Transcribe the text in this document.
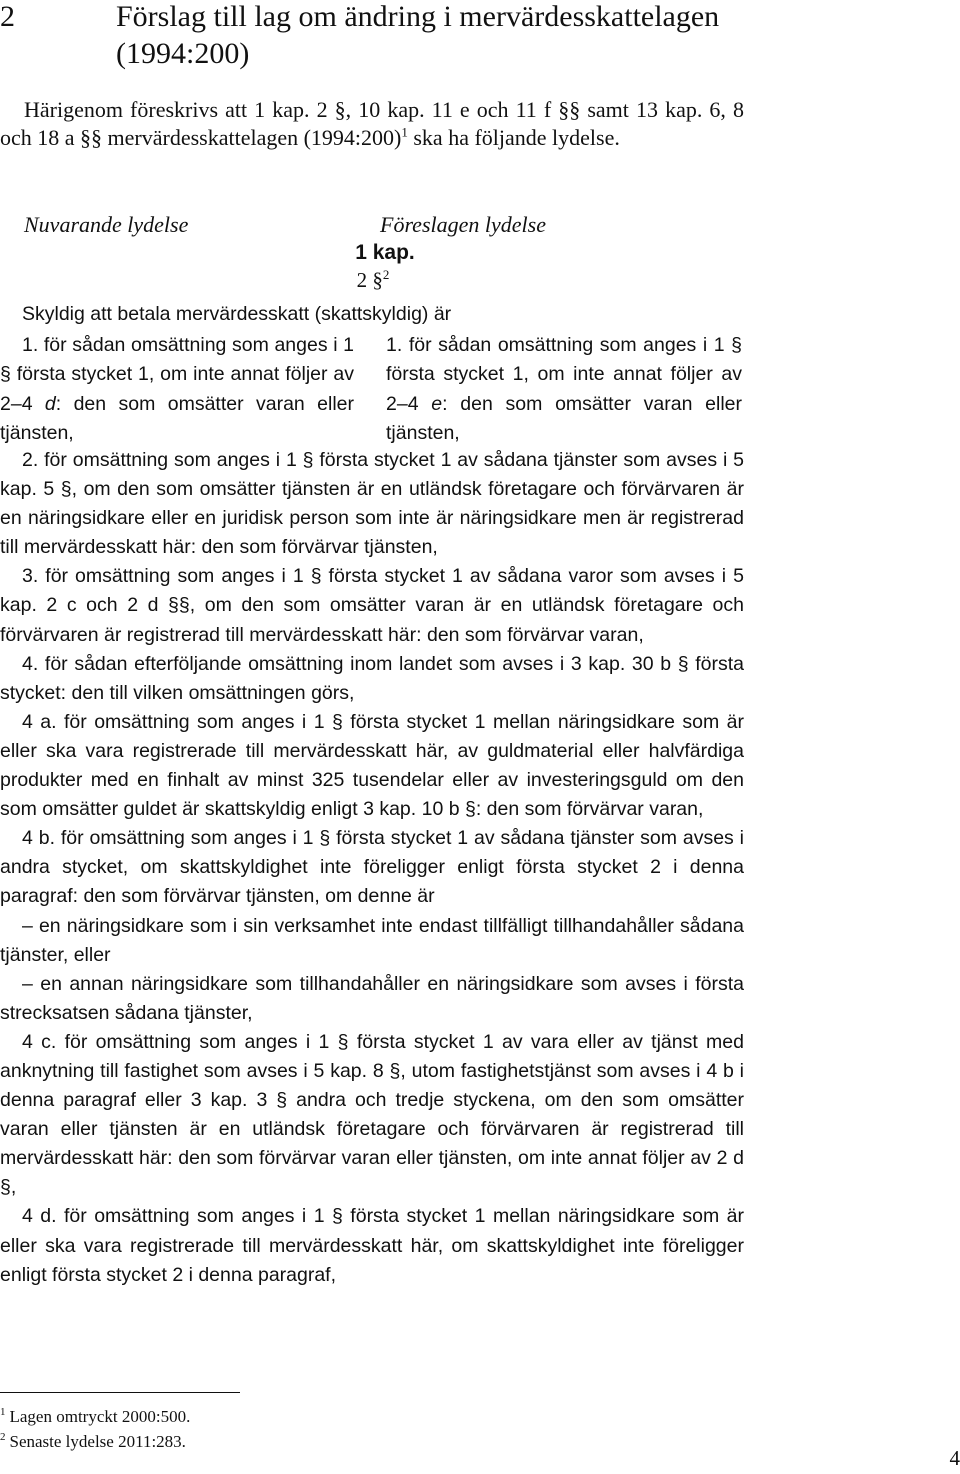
2	Förslag till lag om ändring i mervärdesskattelagen (1994:200)
Härigenom föreskrivs att 1 kap. 2 §, 10 kap. 11 e och 11 f §§ samt 13 kap. 6, 8 och 18 a §§ mervärdesskattelagen (1994:200)$^1$ ska ha följande lydelse.
Nuvarande lydelse	Föreslagen lydelse
1 kap.
2 §$^2$
Skyldig att betala mervärdesskatt (skattskyldig) är

1. för sådan omsättning som anges i 1 § första stycket 1, om inte annat följer av 2–4 d: den som omsätter varan eller tjänsten,

1. för sådan omsättning som anges i 1 § första stycket 1, om inte annat följer av 2–4 e: den som omsätter varan eller tjänsten,

2. för omsättning som anges i 1 § första stycket 1 av sådana tjänster som avses i 5 kap. 5 §, om den som omsätter tjänsten är en utländsk företagare och förvärvaren är en näringsidkare eller en juridisk person som inte är näringsidkare men är registrerad till mervärdesskatt här: den som förvärvar tjänsten,

3. för omsättning som anges i 1 § första stycket 1 av sådana varor som avses i 5 kap. 2 c och 2 d §§, om den som omsätter varan är en utländsk företagare och förvärvaren är registrerad till mervärdesskatt här: den som förvärvar varan,

4. för sådan efterföljande omsättning inom landet som avses i 3 kap. 30 b § första stycket: den till vilken omsättningen görs,

4 a. för omsättning som anges i 1 § första stycket 1 mellan näringsidkare som är eller ska vara registrerade till mervärdesskatt här, av guldmaterial eller halvfärdiga produkter med en finhalt av minst 325 tusendelar eller av investeringsguld om den som omsätter guldet är skattskyldig enligt 3 kap. 10 b §: den som förvärvar varan,

4 b. för omsättning som anges i 1 § första stycket 1 av sådana tjänster som avses i andra stycket, om skattskyldighet inte föreligger enligt första stycket 2 i denna paragraf: den som förvärvar tjänsten, om denne är

– en näringsidkare som i sin verksamhet inte endast tillfälligt tillhandahåller sådana tjänster, eller

– en annan näringsidkare som tillhandahåller en näringsidkare som avses i första strecksatsen sådana tjänster,

4 c. för omsättning som anges i 1 § första stycket 1 av vara eller av tjänst med anknytning till fastighet som avses i 5 kap. 8 §, utom fastighetstjänst som avses i 4 b i denna paragraf eller 3 kap. 3 § andra och tredje styckena, om den som omsätter varan eller tjänsten är en utländsk företagare och förvärvaren är registrerad till mervärdesskatt här: den som förvärvar varan eller tjänsten, om inte annat följer av 2 d §,

4 d. för omsättning som anges i 1 § första stycket 1 mellan näringsidkare som är eller ska vara registrerade till mervärdesskatt här, om skattskyldighet inte föreligger enligt första stycket 2 i denna paragraf,

$^1$ Lagen omtryckt 2000:500.

$^2$ Senaste lydelse 2011:283.

4
